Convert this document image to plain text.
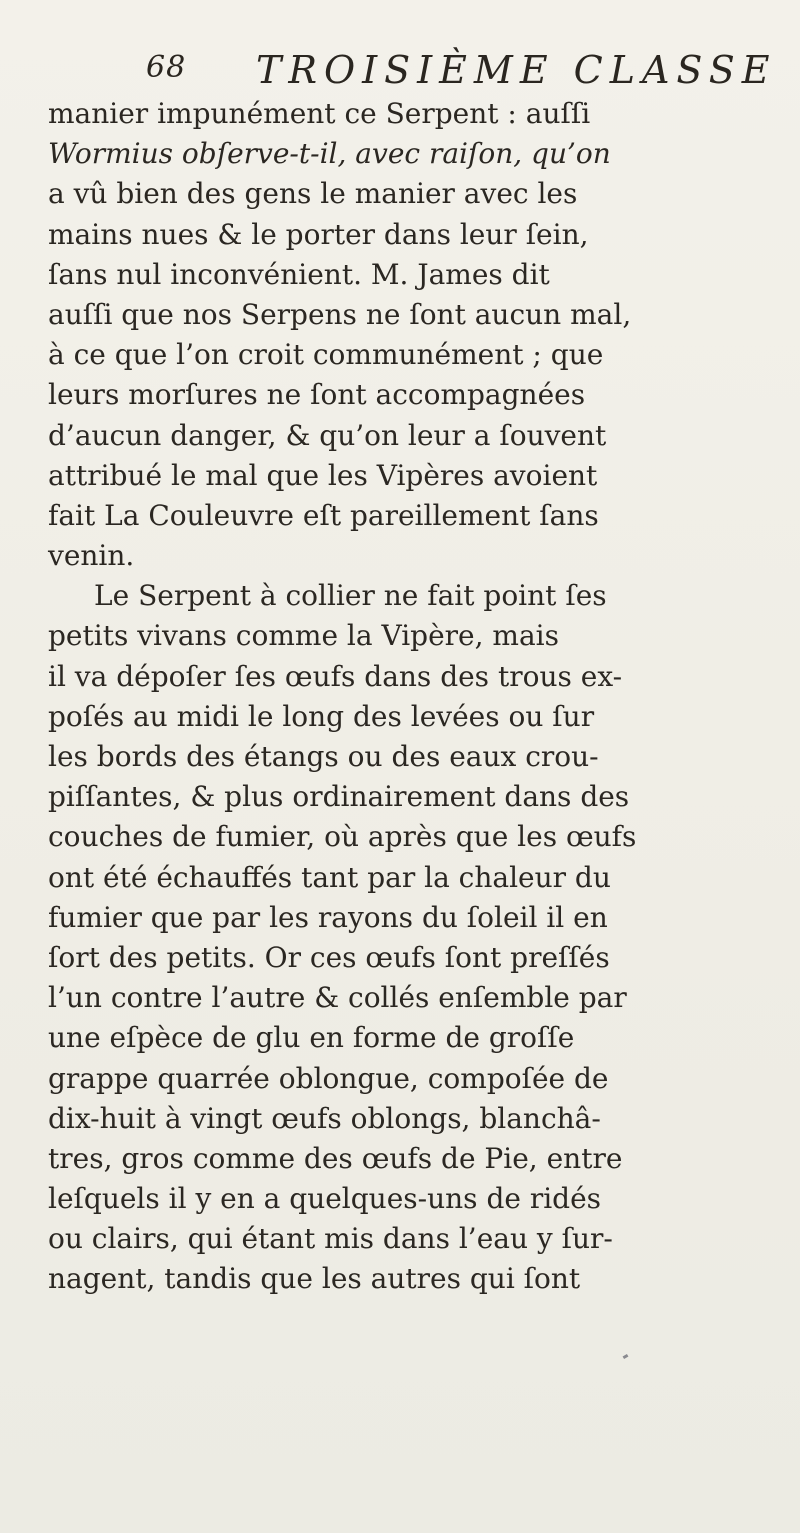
68 TROISIÈME CLASSE
manier impunément ce Serpent : auſſi
Wormius obſerve-t-il, avec raiſon, qu’on
a vû bien des gens le manier avec les
mains nues & le porter dans leur ſein,
ſans nul inconvénient. M. James dit
auſſi que nos Serpens ne ſont aucun mal,
à ce que l’on croit communément ; que
leurs morſures ne ſont accompagnées
d’aucun danger, & qu’on leur a ſouvent
attribué le mal que les Vipères avoient
fait La Couleuvre eſt pareillement ſans
venin.
Le Serpent à collier ne fait point ſes
petits vivans comme la Vipère, mais
il va dépoſer ſes œufs dans des trous ex-
poſés au midi le long des levées ou ſur
les bords des étangs ou des eaux crou-
piſſantes, & plus ordinairement dans des
couches de fumier, où après que les œufs
ont été échauffés tant par la chaleur du
fumier que par les rayons du ſoleil il en
ſort des petits. Or ces œufs ſont preſſés
l’un contre l’autre & collés enſemble par
une eſpèce de glu en forme de groſſe
grappe quarrée oblongue, compoſée de
dix-huit à vingt œufs oblongs, blanchâ-
tres, gros comme des œufs de Pie, entre
leſquels il y en a quelques-uns de ridés
ou clairs, qui étant mis dans l’eau y ſur-
nagent, tandis que les autres qui ſont
